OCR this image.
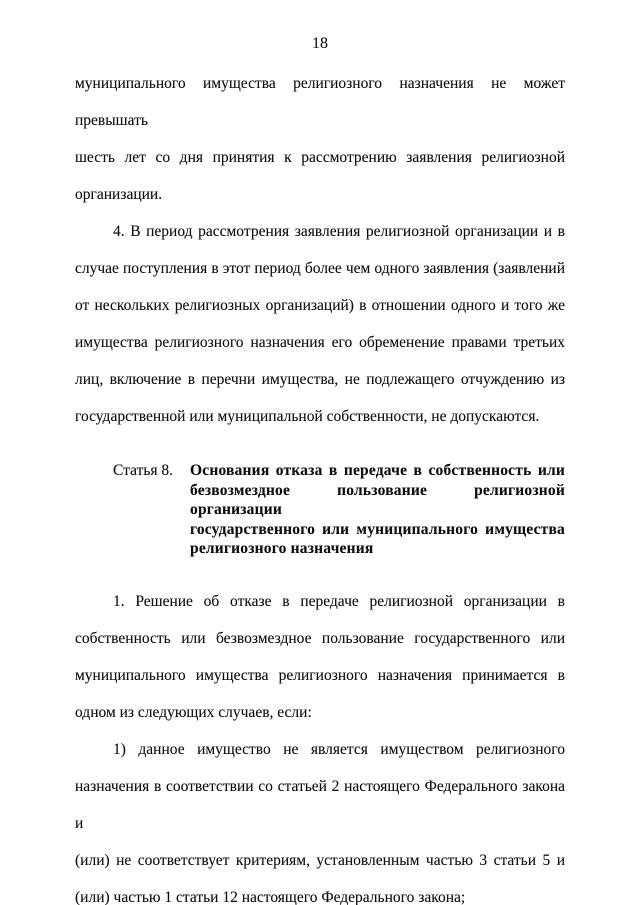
18
муниципального имущества религиозного назначения не может превышать
шесть лет со дня принятия к рассмотрению заявления религиозной
организации.
4. В период рассмотрения заявления религиозной организации и в
случае поступления в этот период более чем одного заявления (заявлений
от нескольких религиозных организаций) в отношении одного и того же
имущества религиозного назначения его обременение правами третьих
лиц, включение в перечни имущества, не подлежащего отчуждению из
государственной или муниципальной собственности, не допускаются.
Статья 8.	Основания отказа в передаче в собственность или
безвозмездное пользование религиозной организации
государственного или муниципального имущества
религиозного назначения
1. Решение об отказе в передаче религиозной организации в
собственность или безвозмездное пользование государственного или
муниципального имущества религиозного назначения принимается в
одном из следующих случаев, если:
1) данное имущество не является имуществом религиозного
назначения в соответствии со статьей 2 настоящего Федерального закона и
(или) не соответствует критериям, установленным частью 3 статьи 5 и
(или) частью 1 статьи 12 настоящего Федерального закона;
